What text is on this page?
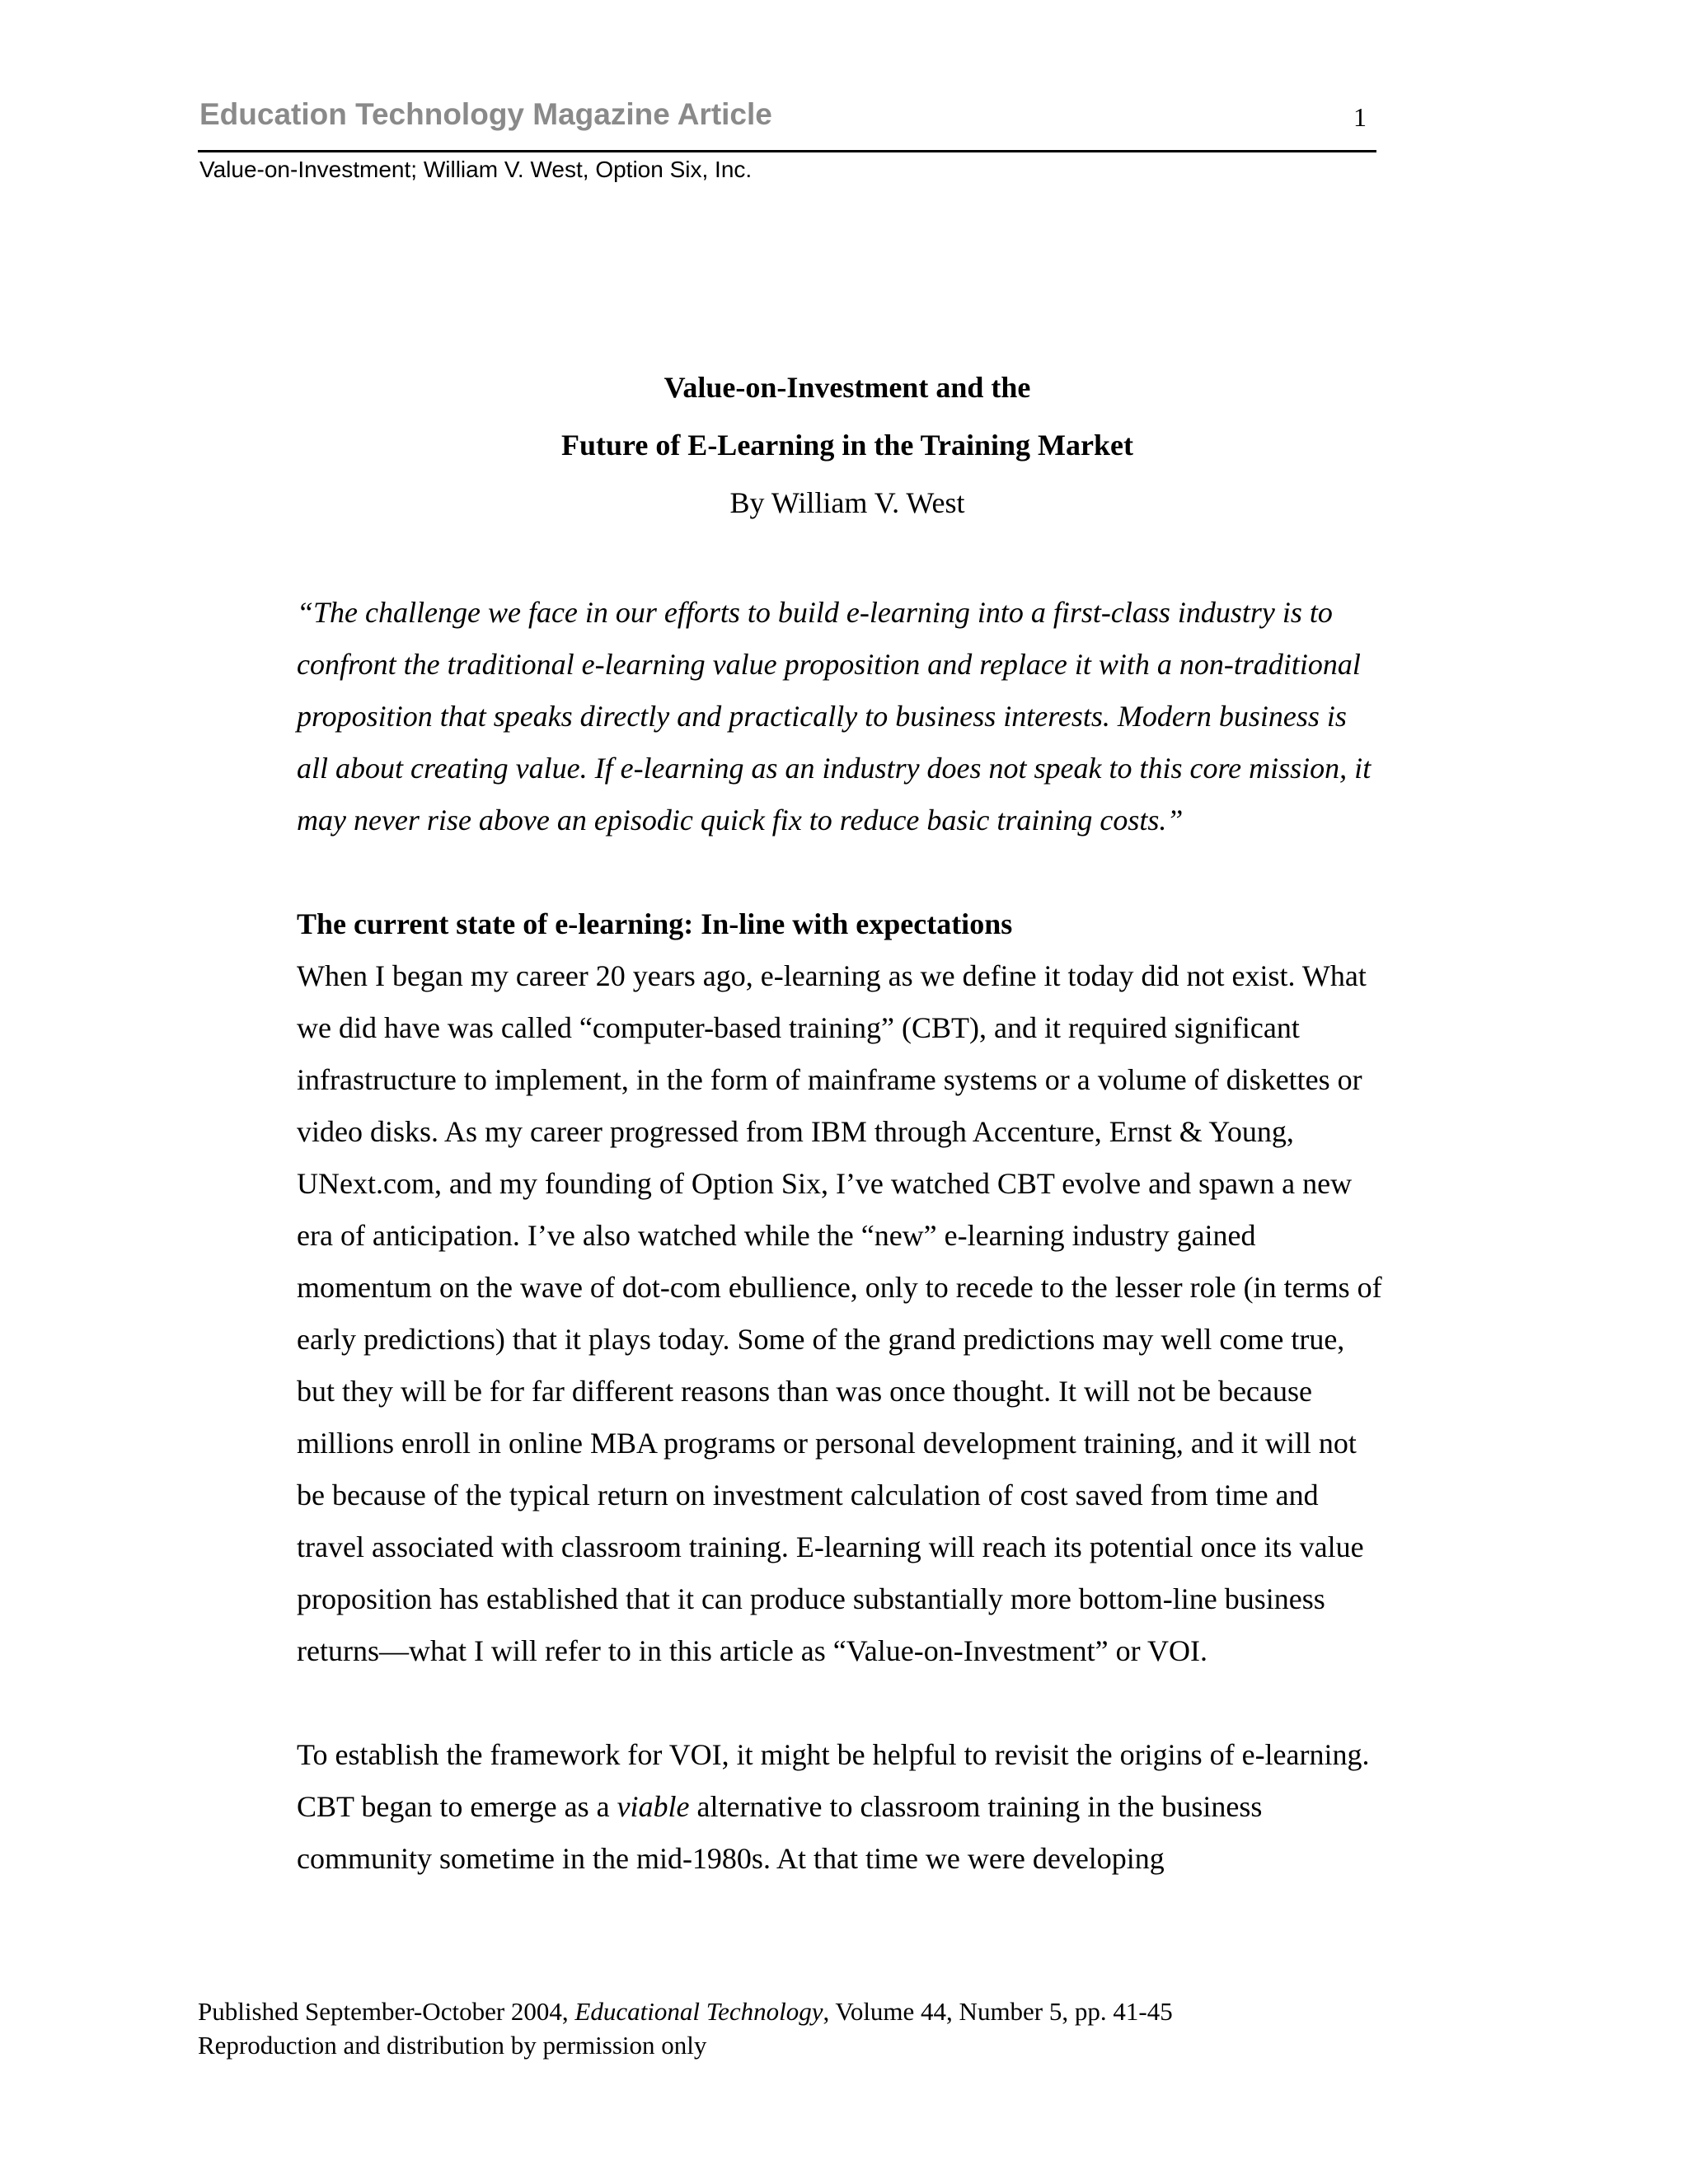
Education Technology Magazine Article	1
Value-on-Investment; William V. West, Option Six, Inc.
Value-on-Investment and the
Future of E-Learning in the Training Market
By William V. West

“The challenge we face in our efforts to build e-learning into a first-class industry is to confront the traditional e-learning value proposition and replace it with a non-traditional proposition that speaks directly and practically to business interests. Modern business is all about creating value. If e-learning as an industry does not speak to this core mission, it may never rise above an episodic quick fix to reduce basic training costs.”

The current state of e-learning: In-line with expectations

When I began my career 20 years ago, e-learning as we define it today did not exist. What we did have was called “computer-based training” (CBT), and it required significant infrastructure to implement, in the form of mainframe systems or a volume of diskettes or video disks. As my career progressed from IBM through Accenture, Ernst & Young, UNext.com, and my founding of Option Six, I’ve watched CBT evolve and spawn a new era of anticipation. I’ve also watched while the “new” e-learning industry gained momentum on the wave of dot-com ebullience, only to recede to the lesser role (in terms of early predictions) that it plays today. Some of the grand predictions may well come true, but they will be for far different reasons than was once thought. It will not be because millions enroll in online MBA programs or personal development training, and it will not be because of the typical return on investment calculation of cost saved from time and travel associated with classroom training. E-learning will reach its potential once its value proposition has established that it can produce substantially more bottom-line business returns—what I will refer to in this article as “Value-on-Investment” or VOI.

To establish the framework for VOI, it might be helpful to revisit the origins of e-learning. CBT began to emerge as a viable alternative to classroom training in the business community sometime in the mid-1980s. At that time we were developing

Published September-October 2004, Educational Technology, Volume 44, Number 5, pp. 41-45
Reproduction and distribution by permission only
